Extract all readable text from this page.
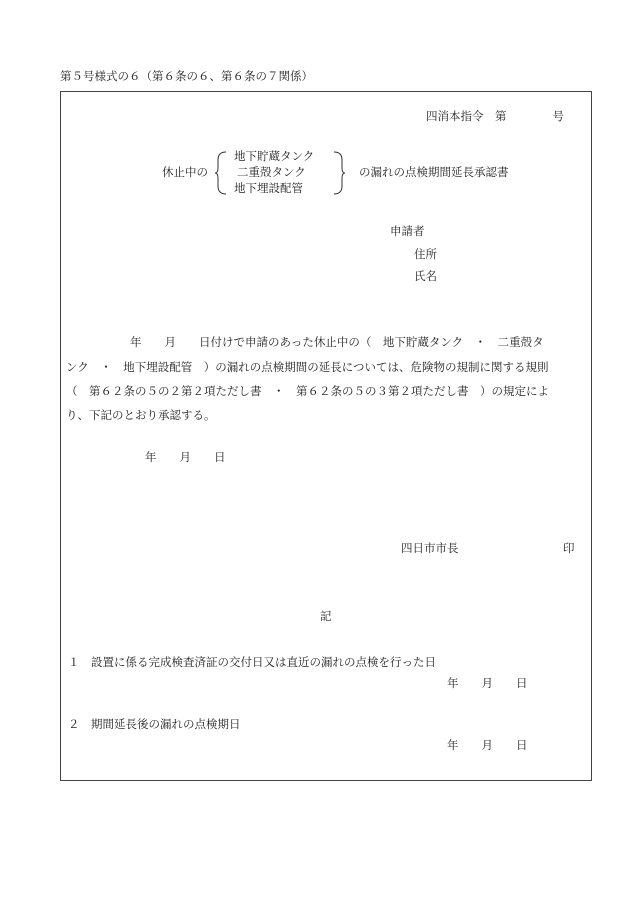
第５号様式の６（第６条の６、第６条の７関係）
四消本指令　第　　　　号
休止中の
地下貯蔵タンク
二重殻タンク
地下埋設配管
の漏れの点検期間延長承認書
申請者
住所
氏名
年　　月　　日付けで申請のあった休止中の（　地下貯蔵タンク　・　二重殻タ
ンク　・　地下埋設配管　）の漏れの点検期間の延長については、危険物の規制に関する規則
（　第６２条の５の２第２項ただし書　・　第６２条の５の３第２項ただし書　）の規定によ
り、下記のとおり承認する。
年　　月　　日
四日市市長	印
記
１　設置に係る完成検査済証の交付日又は直近の漏れの点検を行った日
年　　月　　日
２　期間延長後の漏れの点検期日
年　　月　　日
